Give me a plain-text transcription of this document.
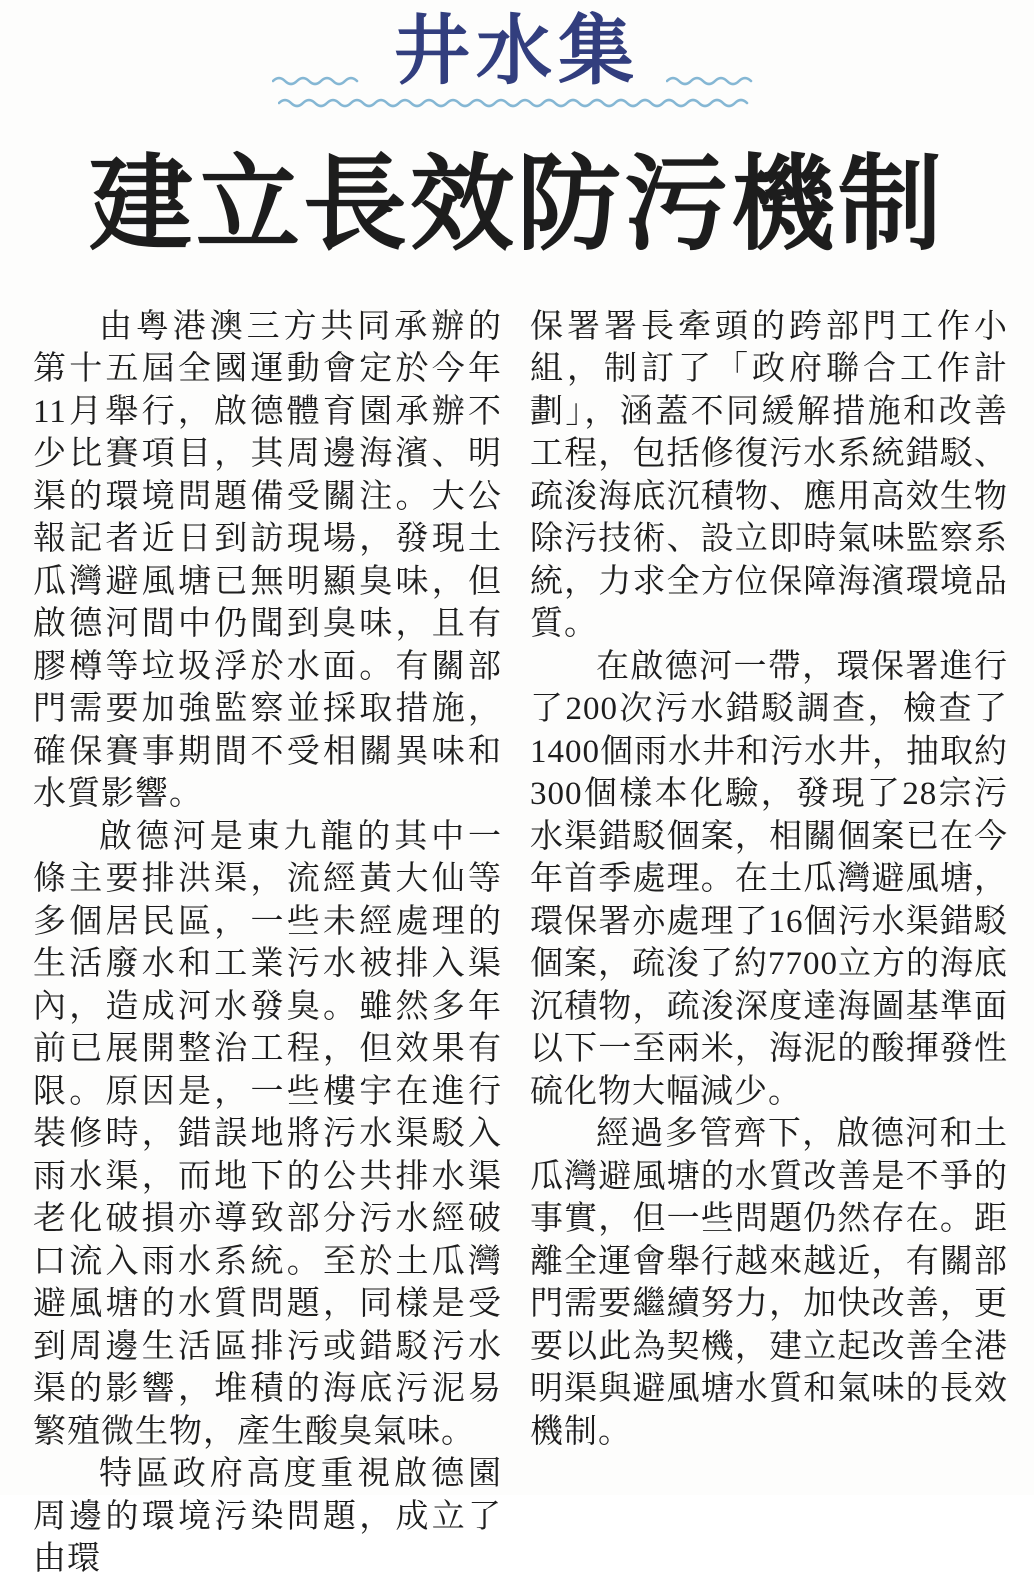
井水集
建立長效防污機制

由粤港澳三方共同承辦的第十五屆全國運動會定於今年11月舉行，啟德體育園承辦不少比賽項目，其周邊海濱、明渠的環境問題備受關注。大公報記者近日到訪現場，發現土瓜灣避風塘已無明顯臭味，但啟德河間中仍聞到臭味，且有膠樽等垃圾浮於水面。有關部門需要加強監察並採取措施，確保賽事期間不受相關異味和水質影響。

啟德河是東九龍的其中一條主要排洪渠，流經黃大仙等多個居民區，一些未經處理的生活廢水和工業污水被排入渠內，造成河水發臭。雖然多年前已展開整治工程，但效果有限。原因是，一些樓宇在進行裝修時，錯誤地將污水渠駁入雨水渠，而地下的公共排水渠老化破損亦導致部分污水經破口流入雨水系統。至於土瓜灣避風塘的水質問題，同樣是受到周邊生活區排污或錯駁污水渠的影響，堆積的海底污泥易繁殖微生物，產生酸臭氣味。

特區政府高度重視啟德園周邊的環境污染問題，成立了由環

保署署長牽頭的跨部門工作小組，制訂了「政府聯合工作計劃」，涵蓋不同緩解措施和改善工程，包括修復污水系統錯駁、疏浚海底沉積物、應用高效生物除污技術、設立即時氣味監察系統，力求全方位保障海濱環境品質。

在啟德河一帶，環保署進行了200次污水錯駁調查，檢查了1400個雨水井和污水井，抽取約300個樣本化驗，發現了28宗污水渠錯駁個案，相關個案已在今年首季處理。在土瓜灣避風塘，環保署亦處理了16個污水渠錯駁個案，疏浚了約7700立方的海底沉積物，疏浚深度達海圖基準面以下一至兩米，海泥的酸揮發性硫化物大幅減少。

經過多管齊下，啟德河和土瓜灣避風塘的水質改善是不爭的事實，但一些問題仍然存在。距離全運會舉行越來越近，有關部門需要繼續努力，加快改善，更要以此為契機，建立起改善全港明渠與避風塘水質和氣味的長效機制。
